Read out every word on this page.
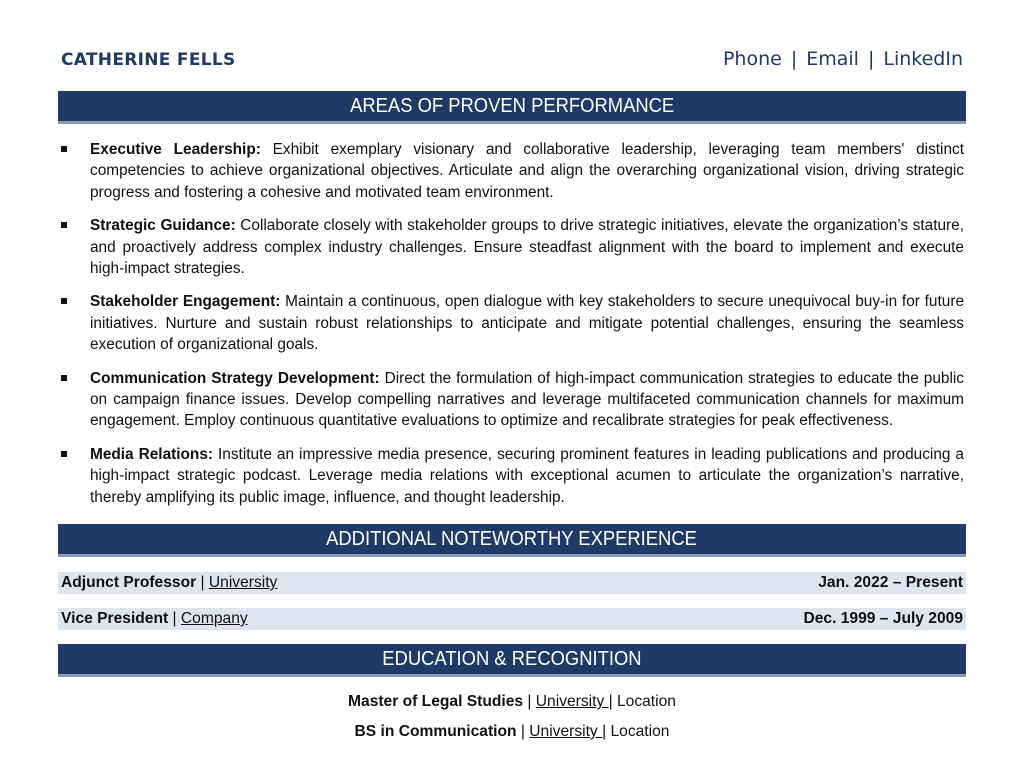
CATHERINE FELLS	Phone | Email | LinkedIn
AREAS OF PROVEN PERFORMANCE
Executive Leadership: Exhibit exemplary visionary and collaborative leadership, leveraging team members' distinct competencies to achieve organizational objectives. Articulate and align the overarching organizational vision, driving strategic progress and fostering a cohesive and motivated team environment.
Strategic Guidance: Collaborate closely with stakeholder groups to drive strategic initiatives, elevate the organization’s stature, and proactively address complex industry challenges. Ensure steadfast alignment with the board to implement and execute high-impact strategies.
Stakeholder Engagement: Maintain a continuous, open dialogue with key stakeholders to secure unequivocal buy-in for future initiatives. Nurture and sustain robust relationships to anticipate and mitigate potential challenges, ensuring the seamless execution of organizational goals.
Communication Strategy Development: Direct the formulation of high-impact communication strategies to educate the public on campaign finance issues. Develop compelling narratives and leverage multifaceted communication channels for maximum engagement. Employ continuous quantitative evaluations to optimize and recalibrate strategies for peak effectiveness.
Media Relations: Institute an impressive media presence, securing prominent features in leading publications and producing a high-impact strategic podcast. Leverage media relations with exceptional acumen to articulate the organization’s narrative, thereby amplifying its public image, influence, and thought leadership.
ADDITIONAL NOTEWORTHY EXPERIENCE
Adjunct Professor | University	Jan. 2022 – Present
Vice President | Company	Dec. 1999 – July 2009
EDUCATION & RECOGNITION
Master of Legal Studies | University | Location
BS in Communication | University | Location
